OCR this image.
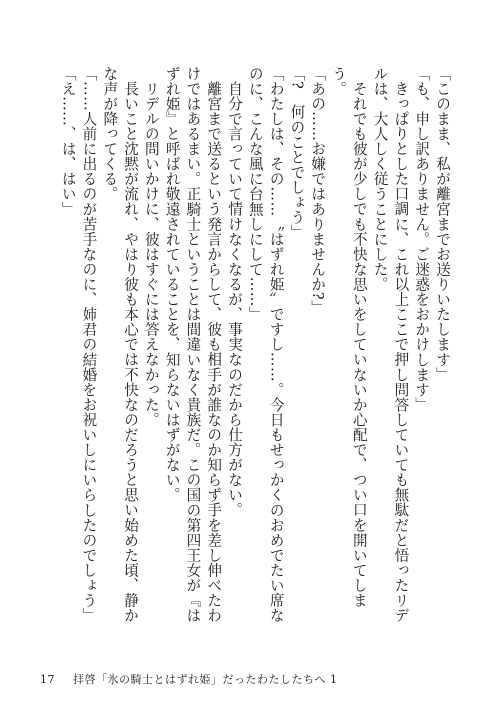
「このまま、私が離宮までお送りいたします」

「も、申し訳ありません。ご迷惑をおかけします」

きっぱりとした口調に、これ以上ここで押し問答していても無駄だと悟ったリデルは、大人しく従うことにした。

それでも彼が少しでも不快な思いをしていないか心配で、つい口を開いてしまう。

「あの……お嫌ではありませんか?」

「?　何のことでしょう」

「わたしは、その……〝はずれ姫〟ですし……。今日もせっかくのおめでたい席なのに、こんな風に台無しにして……」

自分で言っていて情けなくなるが、事実なのだから仕方がない。

離宮まで送るという発言からして、彼も相手が誰なのか知らず手を差し伸べたわけではあるまい。正騎士ということは間違いなく貴族だ。この国の第四王女が『はずれ姫』と呼ばれ敬遠されていることを、知らないはずがない。

リデルの問いかけに、彼はすぐには答えなかった。

長いこと沈黙が流れ、やはり彼も本心では不快なのだろうと思い始めた頃、静かな声が降ってくる。

「……人前に出るのが苦手なのに、姉君の結婚をお祝いしにいらしたのでしょう」

「え……、は、はい」

17 拝啓「氷の騎士とはずれ姫」だったわたしたちへ 1
